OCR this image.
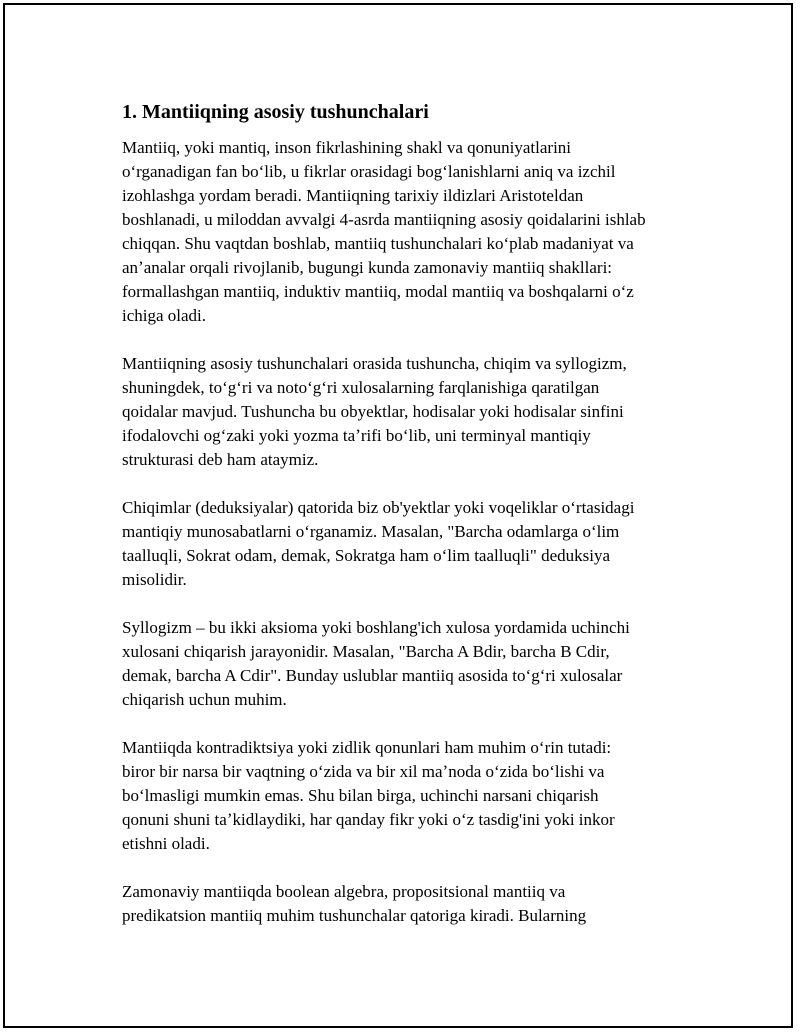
1. Mantiiqning asosiy tushunchalari
Mantiiq, yoki mantiq, inson fikrlashining shakl va qonuniyatlarini
oʻrganadigan fan boʻlib, u fikrlar orasidagi bogʻlanishlarni aniq va izchil
izohlashga yordam beradi. Mantiiqning tarixiy ildizlari Aristoteldan
boshlanadi, u miloddan avvalgi 4-asrda mantiiqning asosiy qoidalarini ishlab
chiqqan. Shu vaqtdan boshlab, mantiiq tushunchalari koʻplab madaniyat va
anʼanalar orqali rivojlanib, bugungi kunda zamonaviy mantiiq shakllari:
formallashgan mantiiq, induktiv mantiiq, modal mantiiq va boshqalarni oʻz
ichiga oladi.
Mantiiqning asosiy tushunchalari orasida tushuncha, chiqim va syllogizm,
shuningdek, toʻgʻri va notoʻgʻri xulosalarning farqlanishiga qaratilgan
qoidalar mavjud. Tushuncha bu obyektlar, hodisalar yoki hodisalar sinfini
ifodalovchi ogʻzaki yoki yozma taʼrifi boʻlib, uni terminyal mantiqiy
strukturasi deb ham ataymiz.
Chiqimlar (deduksiyalar) qatorida biz ob'yektlar yoki voqeliklar oʻrtasidagi
mantiqiy munosabatlarni oʻrganamiz. Masalan, "Barcha odamlarga oʻlim
taalluqli, Sokrat odam, demak, Sokratga ham oʻlim taalluqli" deduksiya
misolidir.
Syllogizm – bu ikki aksioma yoki boshlang'ich xulosa yordamida uchinchi
xulosani chiqarish jarayonidir. Masalan, "Barcha A Bdir, barcha B Cdir,
demak, barcha A Cdir". Bunday uslublar mantiiq asosida toʻgʻri xulosalar
chiqarish uchun muhim.
Mantiiqda kontradiktsiya yoki zidlik qonunlari ham muhim oʻrin tutadi:
biror bir narsa bir vaqtning oʻzida va bir xil maʼnoda oʻzida boʻlishi va
boʻlmasligi mumkin emas. Shu bilan birga, uchinchi narsani chiqarish
qonuni shuni taʼkidlaydiki, har qanday fikr yoki oʻz tasdig'ini yoki inkor
etishni oladi.
Zamonaviy mantiiqda boolean algebra, propositsional mantiiq va
predikatsion mantiiq muhim tushunchalar qatoriga kiradi. Bularning
